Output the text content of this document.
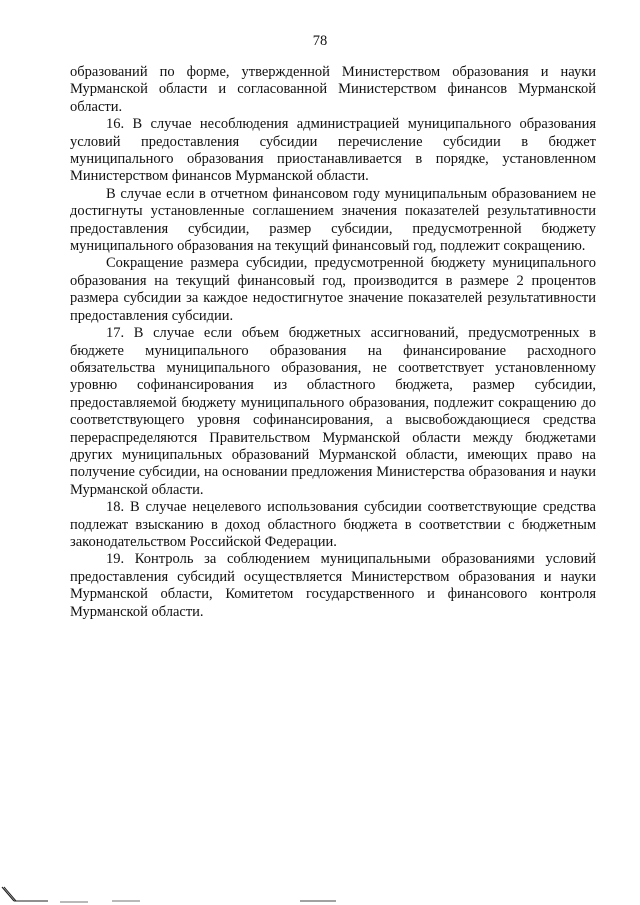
78

образований по форме, утвержденной Министерством образования и науки Мурманской области и согласованной Министерством финансов Мурманской области.

16. В случае несоблюдения администрацией муниципального образования условий предоставления субсидии перечисление субсидии в бюджет муниципального образования приостанавливается в порядке, установленном Министерством финансов Мурманской области.

В случае если в отчетном финансовом году муниципальным образованием не достигнуты установленные соглашением значения показателей результативности предоставления субсидии, размер субсидии, предусмотренной бюджету муниципального образования на текущий финансовый год, подлежит сокращению.

Сокращение размера субсидии, предусмотренной бюджету муниципального образования на текущий финансовый год, производится в размере 2 процентов размера субсидии за каждое недостигнутое значение показателей результативности предоставления субсидии.

17. В случае если объем бюджетных ассигнований, предусмотренных в бюджете муниципального образования на финансирование расходного обязательства муниципального образования, не соответствует установленному уровню софинансирования из областного бюджета, размер субсидии, предоставляемой бюджету муниципального образования, подлежит сокращению до соответствующего уровня софинансирования, а высвобождающиеся средства перераспределяются Правительством Мурманской области между бюджетами других муниципальных образований Мурманской области, имеющих право на получение субсидии, на основании предложения Министерства образования и науки Мурманской области.

18. В случае нецелевого использования субсидии соответствующие средства подлежат взысканию в доход областного бюджета в соответствии с бюджетным законодательством Российской Федерации.

19. Контроль за соблюдением муниципальными образованиями условий предоставления субсидий осуществляется Министерством образования и науки Мурманской области, Комитетом государственного и финансового контроля Мурманской области.
